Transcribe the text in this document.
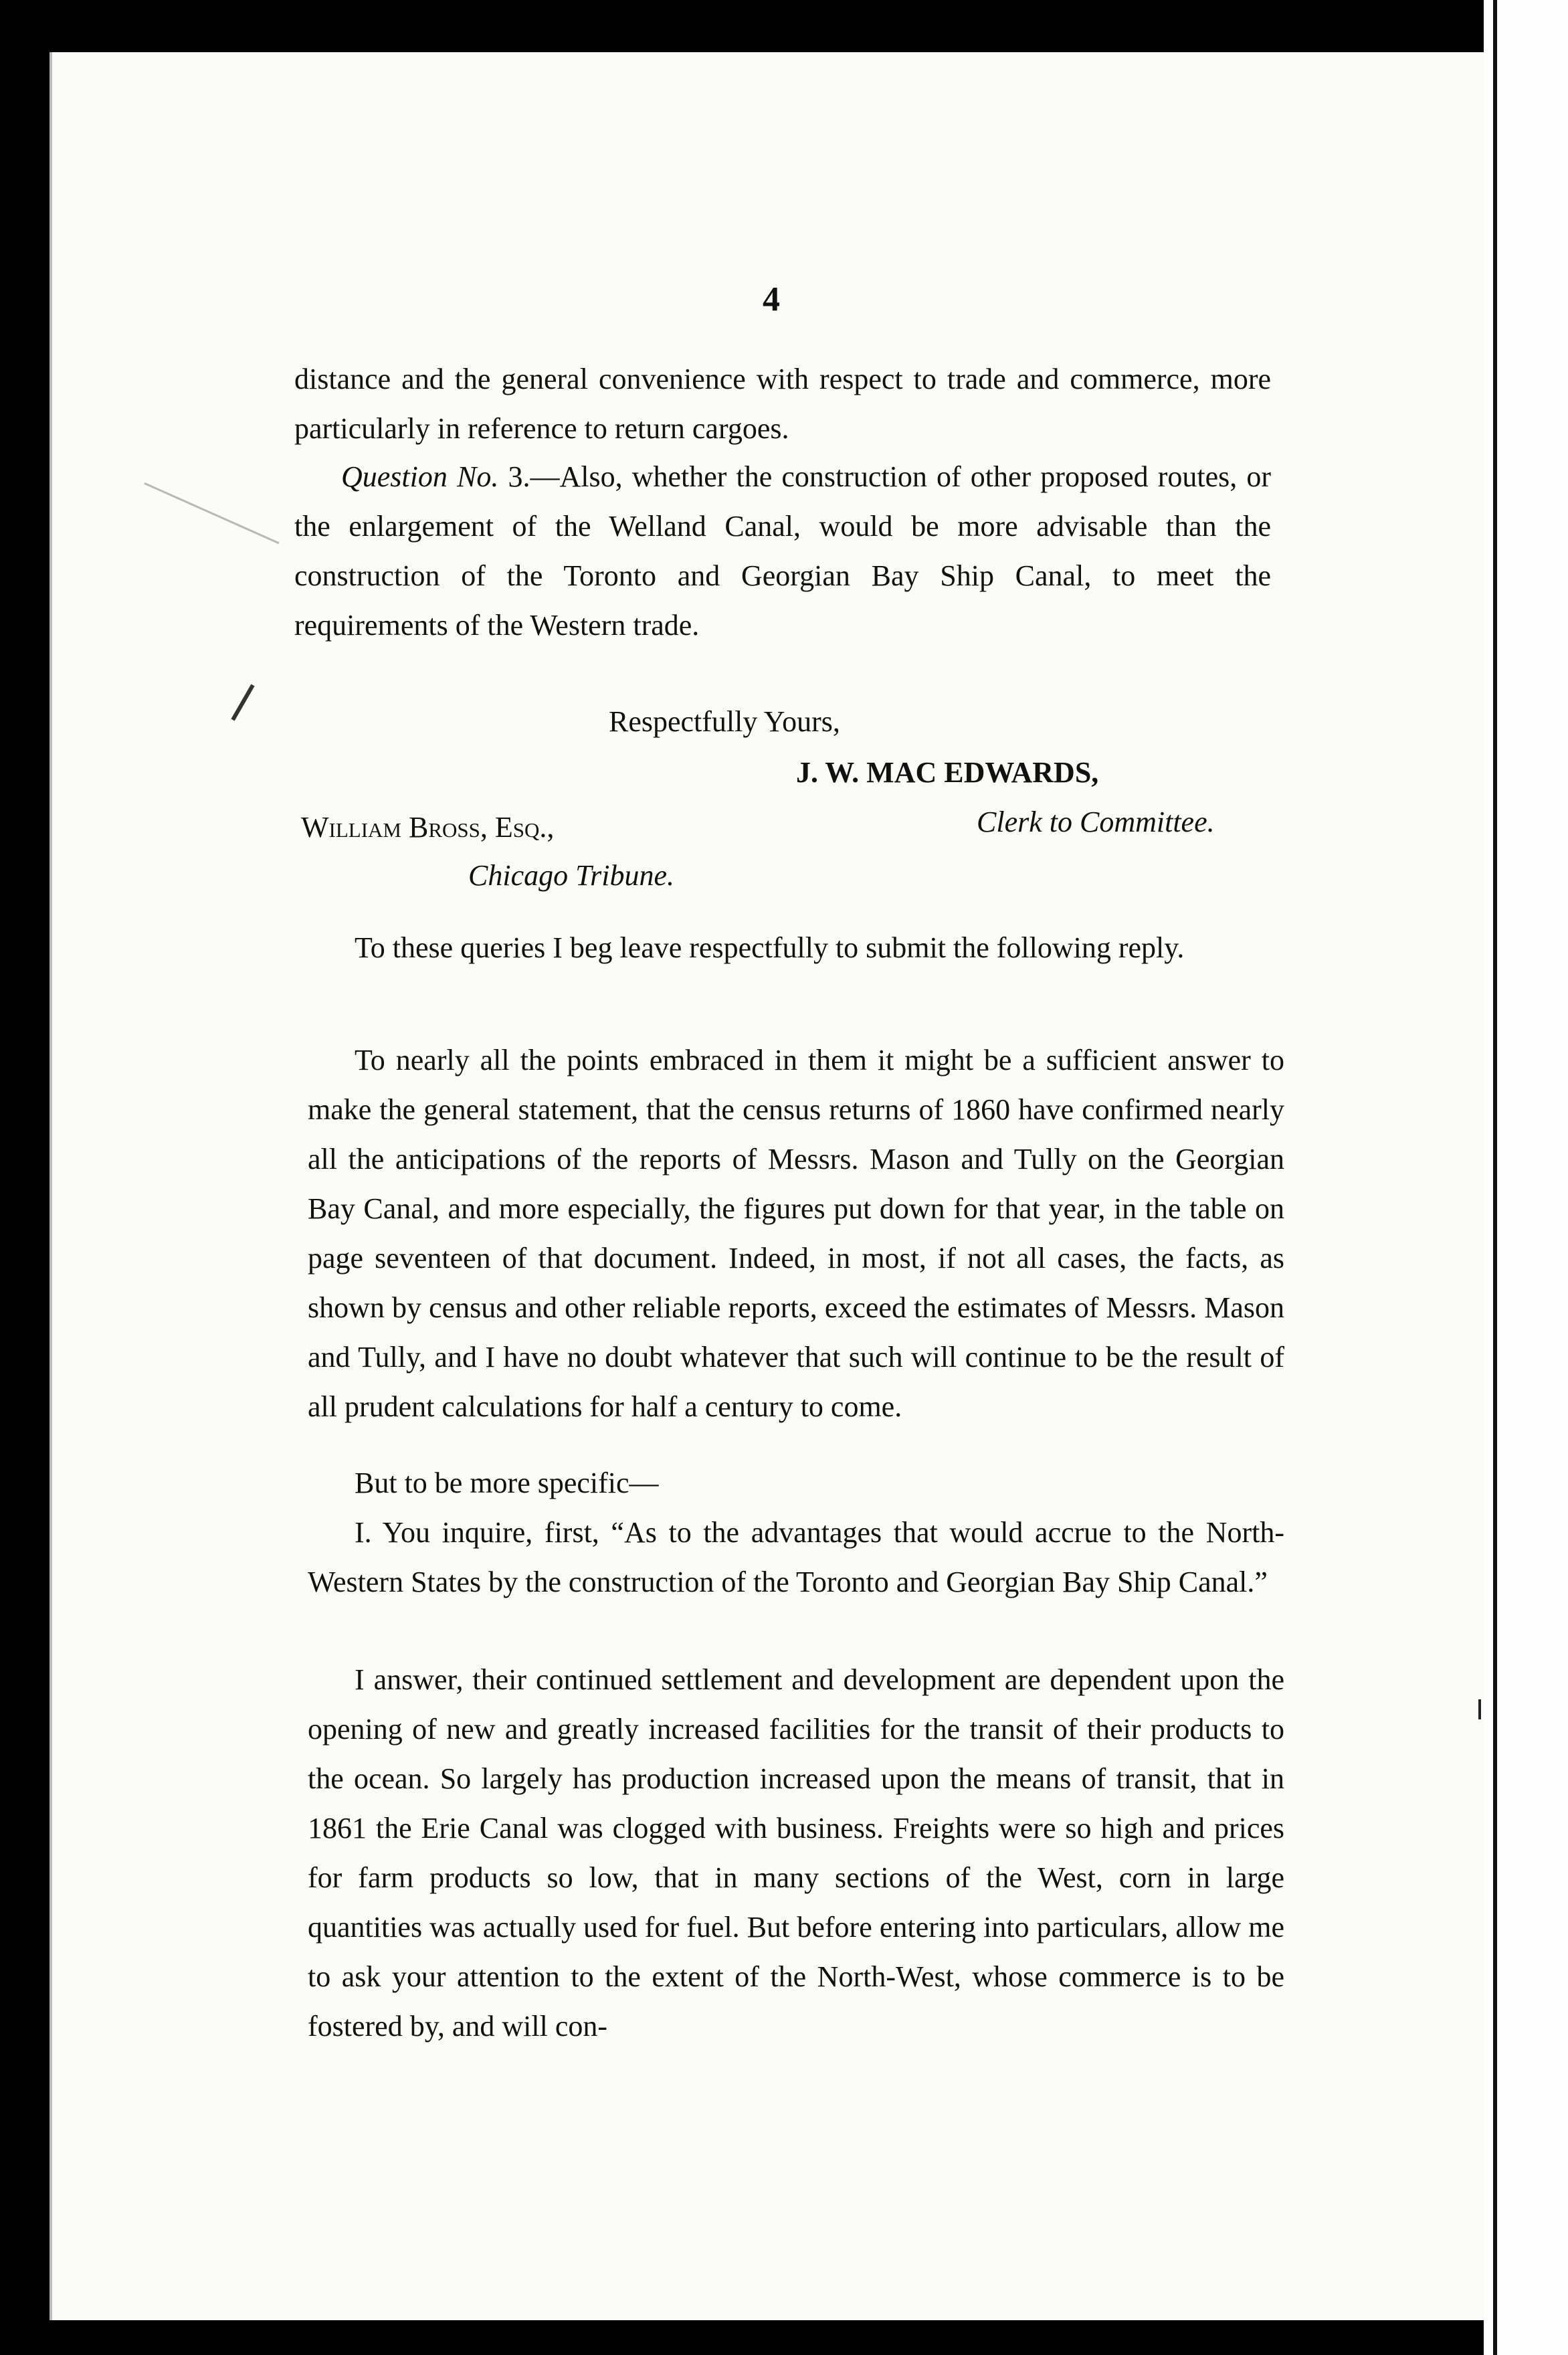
4
distance and the general convenience with respect to trade and commerce, more particularly in reference to return cargoes.
Question No. 3.—Also, whether the construction of other proposed routes, or the enlargement of the Welland Canal, would be more advisable than the construction of the Toronto and Georgian Bay Ship Canal, to meet the requirements of the Western trade.
Respectfully Yours,
J. W. MAC EDWARDS,
Clerk to Committee.
William Bross, Esq.,
Chicago Tribune.
To these queries I beg leave respectfully to submit the following reply.
To nearly all the points embraced in them it might be a sufficient answer to make the general statement, that the census returns of 1860 have confirmed nearly all the anticipations of the reports of Messrs. Mason and Tully on the Georgian Bay Canal, and more especially, the figures put down for that year, in the table on page seventeen of that document. Indeed, in most, if not all cases, the facts, as shown by census and other reliable reports, exceed the estimates of Messrs. Mason and Tully, and I have no doubt whatever that such will continue to be the result of all prudent calculations for half a century to come.
But to be more specific—
I. You inquire, first, “As to the advantages that would accrue to the North-Western States by the construction of the Toronto and Georgian Bay Ship Canal.”
I answer, their continued settlement and development are dependent upon the opening of new and greatly increased facilities for the transit of their products to the ocean. So largely has production increased upon the means of transit, that in 1861 the Erie Canal was clogged with business. Freights were so high and prices for farm products so low, that in many sections of the West, corn in large quantities was actually used for fuel. But before entering into particulars, allow me to ask your attention to the extent of the North-West, whose commerce is to be fostered by, and will con-
